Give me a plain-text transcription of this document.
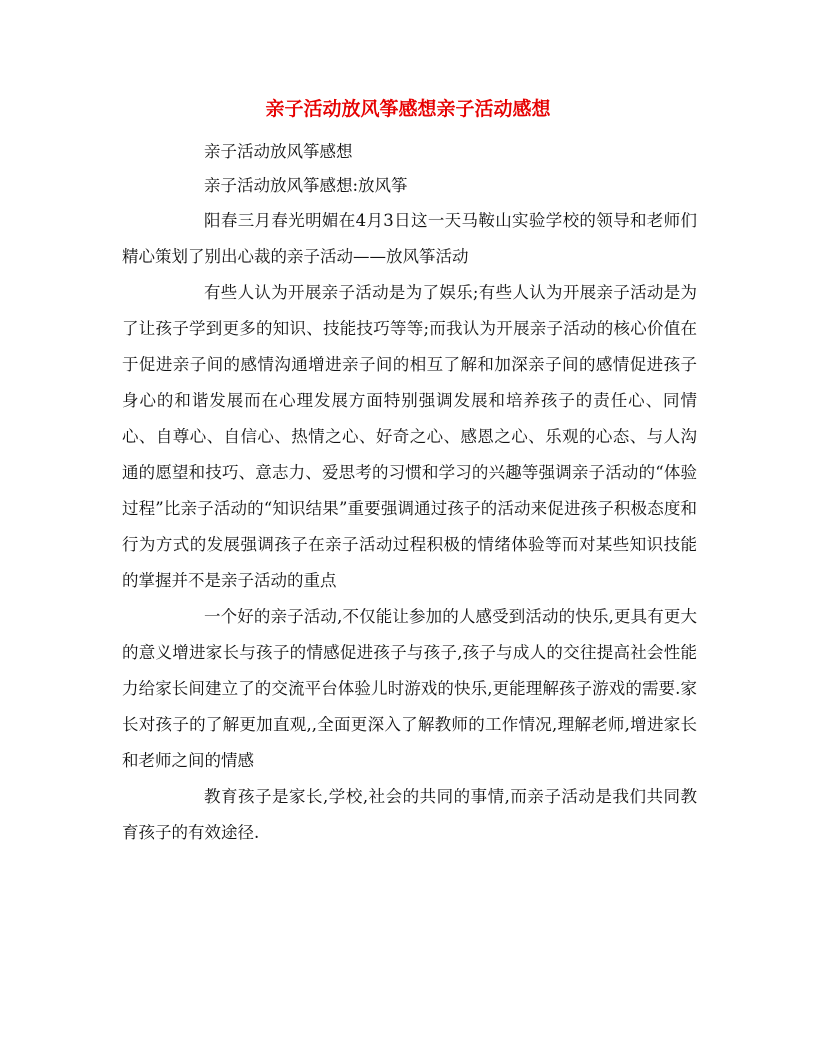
亲子活动放风筝感想亲子活动感想
亲子活动放风筝感想
亲子活动放风筝感想:放风筝

阳春三月春光明媚在4月3日这一天马鞍山实验学校的领导和老师们精心策划了别出心裁的亲子活动——放风筝活动

有些人认为开展亲子活动是为了娱乐;有些人认为开展亲子活动是为了让孩子学到更多的知识、技能技巧等等;而我认为开展亲子活动的核心价值在于促进亲子间的感情沟通增进亲子间的相互了解和加深亲子间的感情促进孩子身心的和谐发展而在心理发展方面特别强调发展和培养孩子的责任心、同情心、自尊心、自信心、热情之心、好奇之心、感恩之心、乐观的心态、与人沟通的愿望和技巧、意志力、爱思考的习惯和学习的兴趣等强调亲子活动的“体验过程”比亲子活动的“知识结果”重要强调通过孩子的活动来促进孩子积极态度和行为方式的发展强调孩子在亲子活动过程积极的情绪体验等而对某些知识技能的掌握并不是亲子活动的重点

一个好的亲子活动,不仅能让参加的人感受到活动的快乐,更具有更大的意义增进家长与孩子的情感促进孩子与孩子,孩子与成人的交往提高社会性能力给家长间建立了的交流平台体验儿时游戏的快乐,更能理解孩子游戏的需要.家长对孩子的了解更加直观,,全面更深入了解教师的工作情况,理解老师,增进家长和老师之间的情感

教育孩子是家长,学校,社会的共同的事情,而亲子活动是我们共同教育孩子的有效途径.
